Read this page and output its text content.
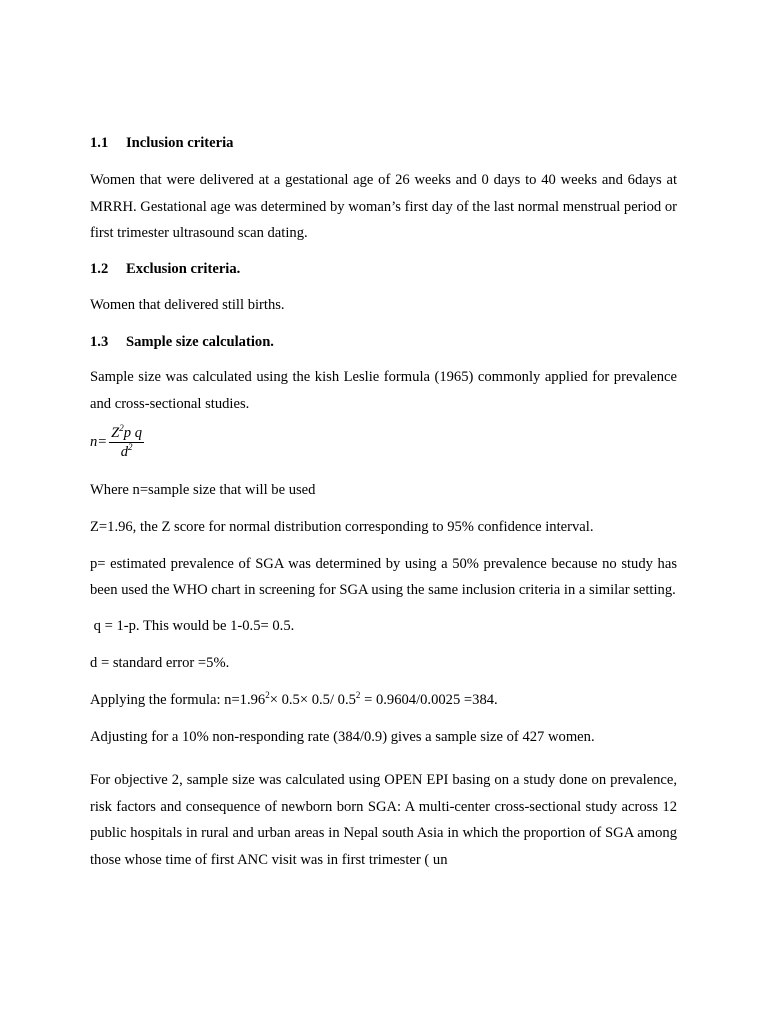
1.1	Inclusion criteria

Women that were delivered at a gestational age of 26 weeks and 0 days to 40 weeks and 6days at MRRH. Gestational age was determined by woman’s first day of the last normal menstrual period or first trimester ultrasound scan dating.

1.2	Exclusion criteria.

Women that delivered still births.

1.3	Sample size calculation.

Sample size was calculated using the kish Leslie formula (1965) commonly applied for prevalence and cross-sectional studies.

$n= \frac{Z^2p q}{d^2}$

Where n=sample size that will be used

Z=1.96, the Z score for normal distribution corresponding to 95% confidence interval.

p= estimated prevalence of SGA was determined by using a 50% prevalence because no study has been used the WHO chart in screening for SGA using the same inclusion criteria in a similar setting.

q = 1-p. This would be 1-0.5= 0.5.

d = standard error =5%.

Applying the formula: $n=1.96^2\times 0.5\times 0.5/$ $0.5^2 = 0.9604/0.0025 =384$.

Adjusting for a 10% non-responding rate (384/0.9) gives a sample size of 427 women.

For objective 2, sample size was calculated using OPEN EPI basing on a study done on prevalence, risk factors and consequence of newborn born SGA: A multi-center cross-sectional study across 12 public hospitals in rural and urban areas in Nepal south Asia in which the proportion of SGA among those whose time of first ANC visit was in first trimester ( un
